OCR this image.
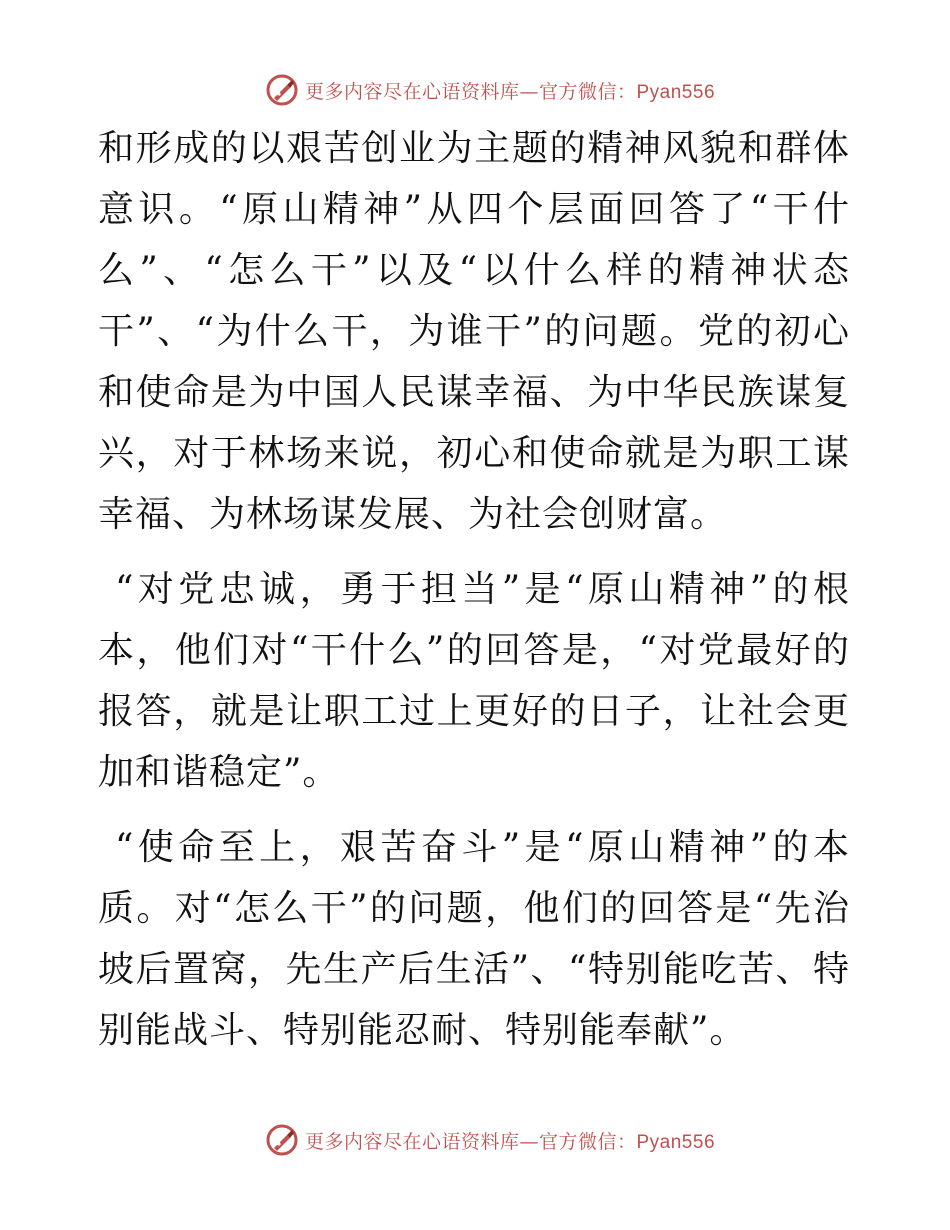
更多内容尽在心语资料库—官方微信：Pyan556

和形成的以艰苦创业为主题的精神风貌和群体意识。“原山精神”从四个层面回答了“干什么”、“怎么干”以及“以什么样的精神状态干”、“为什么干，为谁干”的问题。党的初心和使命是为中国人民谋幸福、为中华民族谋复兴，对于林场来说，初心和使命就是为职工谋幸福、为林场谋发展、为社会创财富。

“对党忠诚，勇于担当”是“原山精神”的根本，他们对“干什么”的回答是，“对党最好的报答，就是让职工过上更好的日子，让社会更加和谐稳定”。

“使命至上，艰苦奋斗”是“原山精神”的本质。对“怎么干”的问题，他们的回答是“先治坡后置窝，先生产后生活”、“特别能吃苦、特别能战斗、特别能忍耐、特别能奉献”。

更多内容尽在心语资料库—官方微信：Pyan556
